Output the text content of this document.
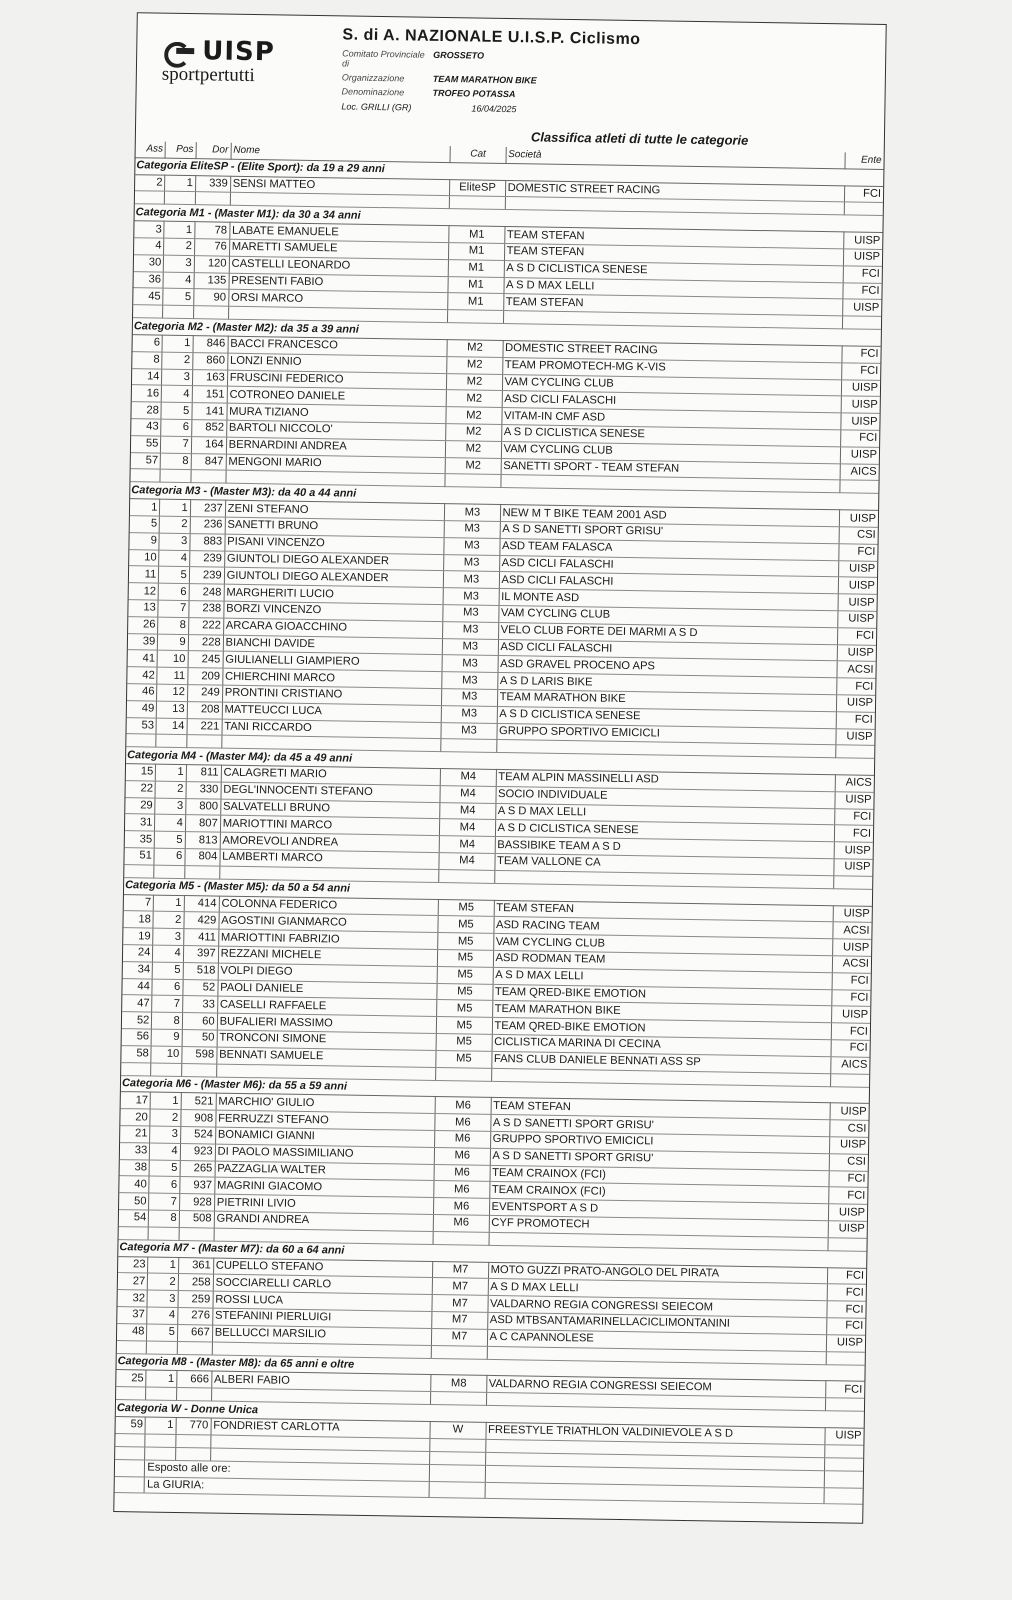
UISP
sportpertutti
S. di A. NAZIONALE U.I.S.P. Ciclismo
Comitato Provinciale di
GROSSETO
Organizzazione	TEAM MARATHON BIKE
Denominazione	TROFEO POTASSA
Loc. GRILLI (GR)	16/04/2025
Classifica atleti di tutte le categorie
Ass	Pos	Dor	Nome	Cat	Società	Ente
Categoria EliteSP - (Elite Sport): da 19 a 29 anni						
2	1	339	SENSI MATTEO	EliteSP	DOMESTIC STREET RACING	FCI

Categoria M1 - (Master M1): da 30 a 34 anni						
3	1	78	LABATE EMANUELE	M1	TEAM STEFAN	UISP
4	2	76	MARETTI SAMUELE	M1	TEAM STEFAN	UISP
30	3	120	CASTELLI LEONARDO	M1	A S D CICLISTICA SENESE	FCI
36	4	135	PRESENTI FABIO	M1	A S D MAX LELLI	FCI
45	5	90	ORSI MARCO	M1	TEAM STEFAN	UISP

Categoria M2 - (Master M2): da 35 a 39 anni						
6	1	846	BACCI FRANCESCO	M2	DOMESTIC STREET RACING	FCI
8	2	860	LONZI ENNIO	M2	TEAM PROMOTECH-MG K-VIS	FCI
14	3	163	FRUSCINI FEDERICO	M2	VAM CYCLING CLUB	UISP
16	4	151	COTRONEO DANIELE	M2	ASD CICLI FALASCHI	UISP
28	5	141	MURA TIZIANO	M2	VITAM-IN CMF ASD	UISP
43	6	852	BARTOLI NICCOLO'	M2	A S D CICLISTICA SENESE	FCI
55	7	164	BERNARDINI ANDREA	M2	VAM CYCLING CLUB	UISP
57	8	847	MENGONI MARIO	M2	SANETTI SPORT - TEAM STEFAN	AICS

Categoria M3 - (Master M3): da 40 a 44 anni						
1	1	237	ZENI STEFANO	M3	NEW M T BIKE TEAM 2001 ASD	UISP
5	2	236	SANETTI BRUNO	M3	A S D SANETTI SPORT GRISU'	CSI
9	3	883	PISANI VINCENZO	M3	ASD TEAM FALASCA	FCI
10	4	239	GIUNTOLI DIEGO ALEXANDER	M3	ASD CICLI FALASCHI	UISP
11	5	239	GIUNTOLI DIEGO ALEXANDER	M3	ASD CICLI FALASCHI	UISP
12	6	248	MARGHERITI LUCIO	M3	IL MONTE ASD	UISP
13	7	238	BORZI VINCENZO	M3	VAM CYCLING CLUB	UISP
26	8	222	ARCARA GIOACCHINO	M3	VELO CLUB FORTE DEI MARMI A S D	FCI
39	9	228	BIANCHI DAVIDE	M3	ASD CICLI FALASCHI	UISP
41	10	245	GIULIANELLI GIAMPIERO	M3	ASD GRAVEL PROCENO APS	ACSI
42	11	209	CHIERCHINI MARCO	M3	A S D LARIS BIKE	FCI
46	12	249	PRONTINI CRISTIANO	M3	TEAM MARATHON BIKE	UISP
49	13	208	MATTEUCCI LUCA	M3	A S D CICLISTICA SENESE	FCI
53	14	221	TANI RICCARDO	M3	GRUPPO SPORTIVO EMICICLI	UISP

Categoria M4 - (Master M4): da 45 a 49 anni						
15	1	811	CALAGRETI MARIO	M4	TEAM ALPIN MASSINELLI ASD	AICS
22	2	330	DEGL'INNOCENTI STEFANO	M4	SOCIO INDIVIDUALE	UISP
29	3	800	SALVATELLI BRUNO	M4	A S D MAX LELLI	FCI
31	4	807	MARIOTTINI MARCO	M4	A S D CICLISTICA SENESE	FCI
35	5	813	AMOREVOLI ANDREA	M4	BASSIBIKE TEAM A S D	UISP
51	6	804	LAMBERTI MARCO	M4	TEAM VALLONE CA	UISP

Categoria M5 - (Master M5): da 50 a 54 anni						
7	1	414	COLONNA FEDERICO	M5	TEAM STEFAN	UISP
18	2	429	AGOSTINI GIANMARCO	M5	ASD RACING TEAM	ACSI
19	3	411	MARIOTTINI FABRIZIO	M5	VAM CYCLING CLUB	UISP
24	4	397	REZZANI MICHELE	M5	ASD RODMAN TEAM	ACSI
34	5	518	VOLPI DIEGO	M5	A S D MAX LELLI	FCI
44	6	52	PAOLI DANIELE	M5	TEAM QRED-BIKE EMOTION	FCI
47	7	33	CASELLI RAFFAELE	M5	TEAM MARATHON BIKE	UISP
52	8	60	BUFALIERI MASSIMO	M5	TEAM QRED-BIKE EMOTION	FCI
56	9	50	TRONCONI SIMONE	M5	CICLISTICA MARINA DI CECINA	FCI
58	10	598	BENNATI SAMUELE	M5	FANS CLUB DANIELE BENNATI ASS SP	AICS

Categoria M6 - (Master M6): da 55 a 59 anni						
17	1	521	MARCHIO' GIULIO	M6	TEAM STEFAN	UISP
20	2	908	FERRUZZI STEFANO	M6	A S D SANETTI SPORT GRISU'	CSI
21	3	524	BONAMICI GIANNI	M6	GRUPPO SPORTIVO EMICICLI	UISP
33	4	923	DI PAOLO MASSIMILIANO	M6	A S D SANETTI SPORT GRISU'	CSI
38	5	265	PAZZAGLIA WALTER	M6	TEAM CRAINOX (FCI)	FCI
40	6	937	MAGRINI GIACOMO	M6	TEAM CRAINOX (FCI)	FCI
50	7	928	PIETRINI LIVIO	M6	EVENTSPORT A S D	UISP
54	8	508	GRANDI ANDREA	M6	CYF PROMOTECH	UISP

Categoria M7 - (Master M7): da 60 a 64 anni						
23	1	361	CUPELLO STEFANO	M7	MOTO GUZZI PRATO-ANGOLO DEL PIRATA	FCI
27	2	258	SOCCIARELLI CARLO	M7	A S D MAX LELLI	FCI
32	3	259	ROSSI LUCA	M7	VALDARNO REGIA CONGRESSI SEIECOM	FCI
37	4	276	STEFANINI PIERLUIGI	M7	ASD MTBSANTAMARINELLACICLIMONTANINI	FCI
48	5	667	BELLUCCI MARSILIO	M7	A C CAPANNOLESE	UISP

Categoria M8 - (Master M8): da 65 anni e oltre						
25	1	666	ALBERI FABIO	M8	VALDARNO REGIA CONGRESSI SEIECOM	FCI

Categoria W - Donne Unica						
59	1	770	FONDRIEST CARLOTTA	W	FREESTYLE TRIATHLON VALDINIEVOLE A S D	UISP

	Esposto alle ore:					
	La GIURIA:					
